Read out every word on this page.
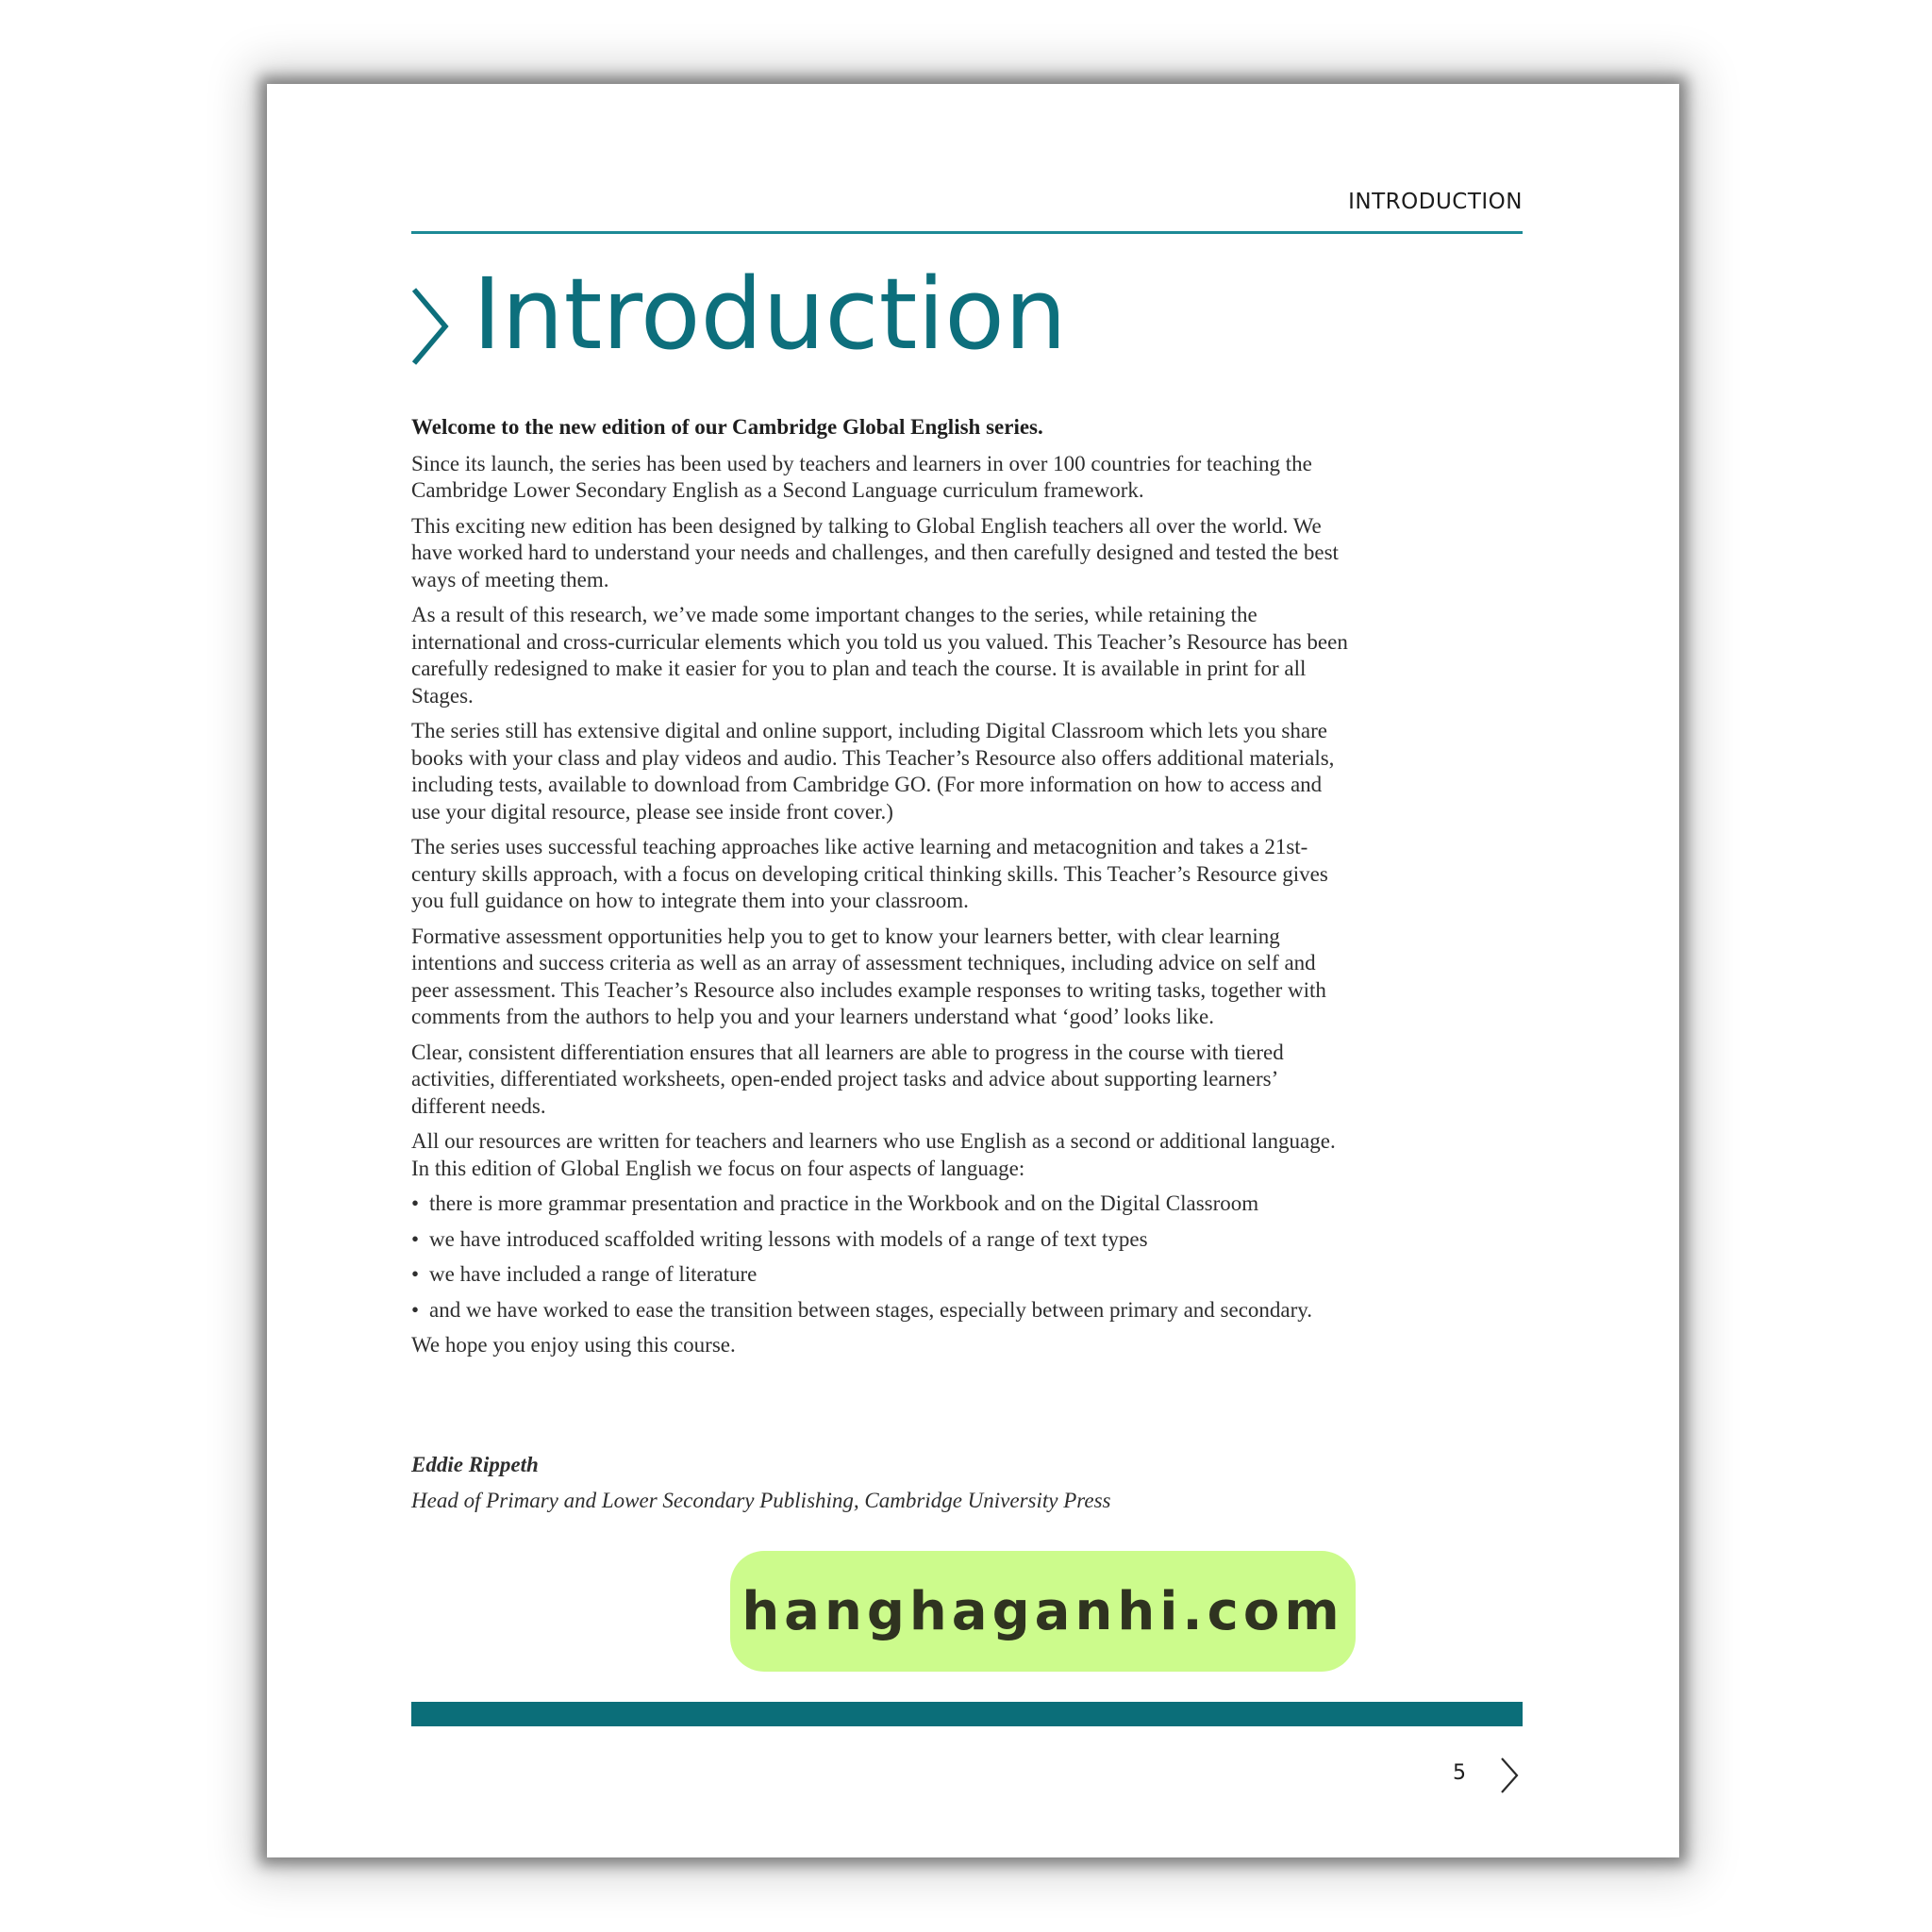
INTRODUCTION
Introduction

Welcome to the new edition of our Cambridge Global English series.

Since its launch, the series has been used by teachers and learners in over 100 countries for teaching the Cambridge Lower Secondary English as a Second Language curriculum framework.

This exciting new edition has been designed by talking to Global English teachers all over the world. We have worked hard to understand your needs and challenges, and then carefully designed and tested the best ways of meeting them.

As a result of this research, we’ve made some important changes to the series, while retaining the international and cross-curricular elements which you told us you valued. This Teacher’s Resource has been carefully redesigned to make it easier for you to plan and teach the course. It is available in print for all Stages.

The series still has extensive digital and online support, including Digital Classroom which lets you share books with your class and play videos and audio. This Teacher’s Resource also offers additional materials, including tests, available to download from Cambridge GO. (For more information on how to access and use your digital resource, please see inside front cover.)

The series uses successful teaching approaches like active learning and metacognition and takes a 21st-century skills approach, with a focus on developing critical thinking skills. This Teacher’s Resource gives you full guidance on how to integrate them into your classroom.

Formative assessment opportunities help you to get to know your learners better, with clear learning intentions and success criteria as well as an array of assessment techniques, including advice on self and peer assessment. This Teacher’s Resource also includes example responses to writing tasks, together with comments from the authors to help you and your learners understand what ‘good’ looks like.

Clear, consistent differentiation ensures that all learners are able to progress in the course with tiered activities, differentiated worksheets, open-ended project tasks and advice about supporting learners’ different needs.

All our resources are written for teachers and learners who use English as a second or additional language. In this edition of Global English we focus on four aspects of language:

• there is more grammar presentation and practice in the Workbook and on the Digital Classroom
• we have introduced scaffolded writing lessons with models of a range of text types
• we have included a range of literature
• and we have worked to ease the transition between stages, especially between primary and secondary.

We hope you enjoy using this course.

Eddie Rippeth
Head of Primary and Lower Secondary Publishing, Cambridge University Press
hanghaganhi.com
5
